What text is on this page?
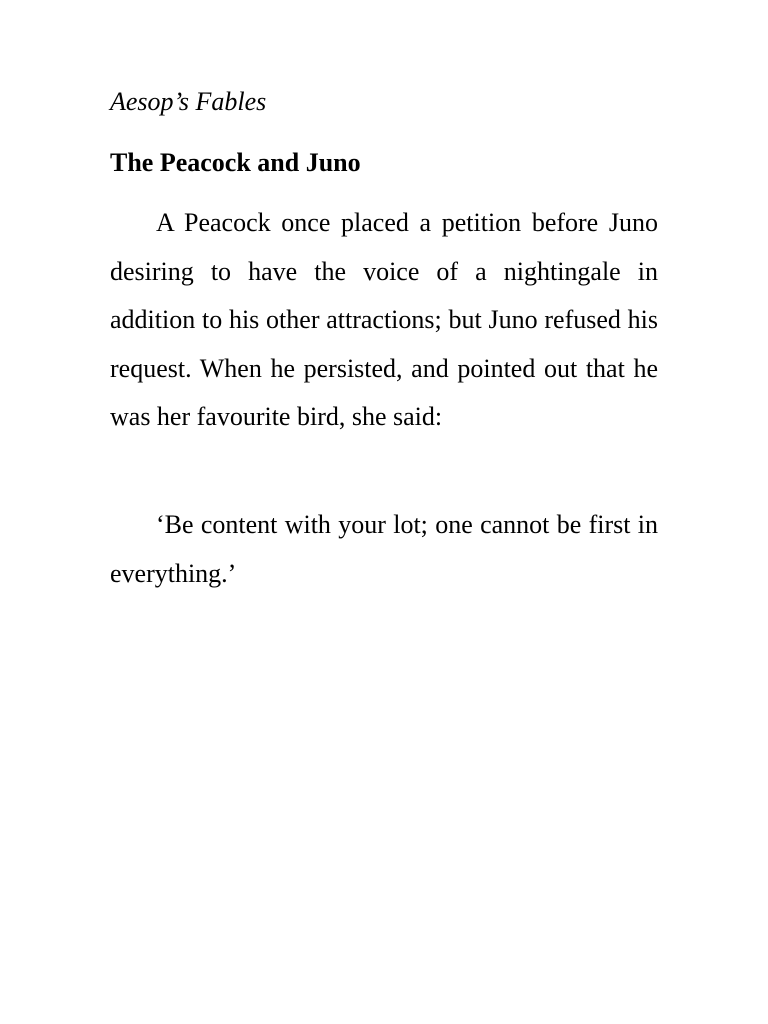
Aesop’s Fables
The Peacock and Juno

A Peacock once placed a petition before Juno desiring to have the voice of a nightingale in addition to his other attractions; but Juno refused his request. When he persisted, and pointed out that he was her favourite bird, she said:

‘Be content with your lot; one cannot be first in everything.’
